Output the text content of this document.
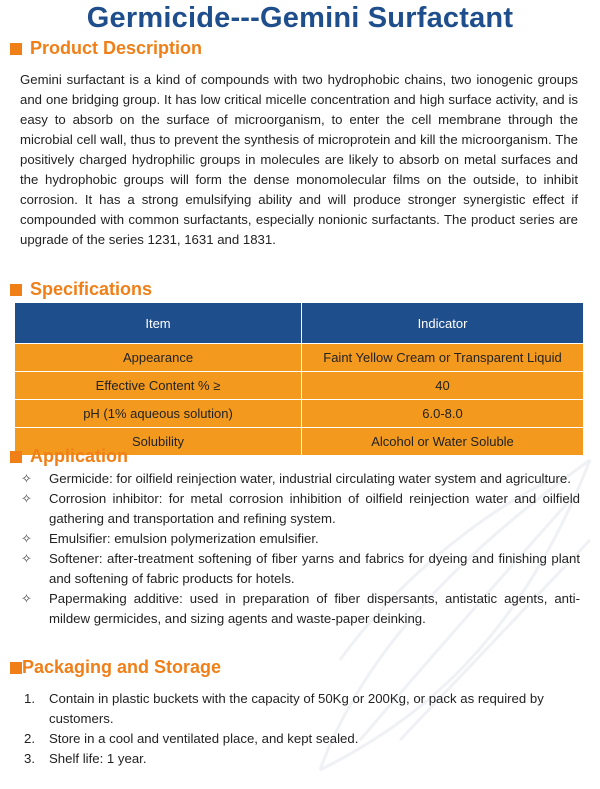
Germicide---Gemini Surfactant
Product Description
Gemini surfactant is a kind of compounds with two hydrophobic chains, two ionogenic groups and one bridging group. It has low critical micelle concentration and high surface activity, and is easy to absorb on the surface of microorganism, to enter the cell membrane through the microbial cell wall, thus to prevent the synthesis of microprotein and kill the microorganism. The positively charged hydrophilic groups in molecules are likely to absorb on metal surfaces and the hydrophobic groups will form the dense monomolecular films on the outside, to inhibit corrosion. It has a strong emulsifying ability and will produce stronger synergistic effect if compounded with common surfactants, especially nonionic surfactants. The product series are upgrade of the series 1231, 1631 and 1831.
Specifications
Item	Indicator
Appearance	Faint Yellow Cream or Transparent Liquid
Effective Content % ≥	40
pH (1% aqueous solution)	6.0-8.0
Solubility	Alcohol or Water Soluble
Application
✧ Germicide: for oilfield reinjection water, industrial circulating water system and agriculture.
✧ Corrosion inhibitor: for metal corrosion inhibition of oilfield reinjection water and oilfield gathering and transportation and refining system.
✧ Emulsifier: emulsion polymerization emulsifier.
✧ Softener: after-treatment softening of fiber yarns and fabrics for dyeing and finishing plant and softening of fabric products for hotels.
✧ Papermaking additive: used in preparation of fiber dispersants, antistatic agents, anti-mildew germicides, and sizing agents and waste-paper deinking.
Packaging and Storage
1. Contain in plastic buckets with the capacity of 50Kg or 200Kg, or pack as required by customers.
2. Store in a cool and ventilated place, and kept sealed.
3. Shelf life: 1 year.
